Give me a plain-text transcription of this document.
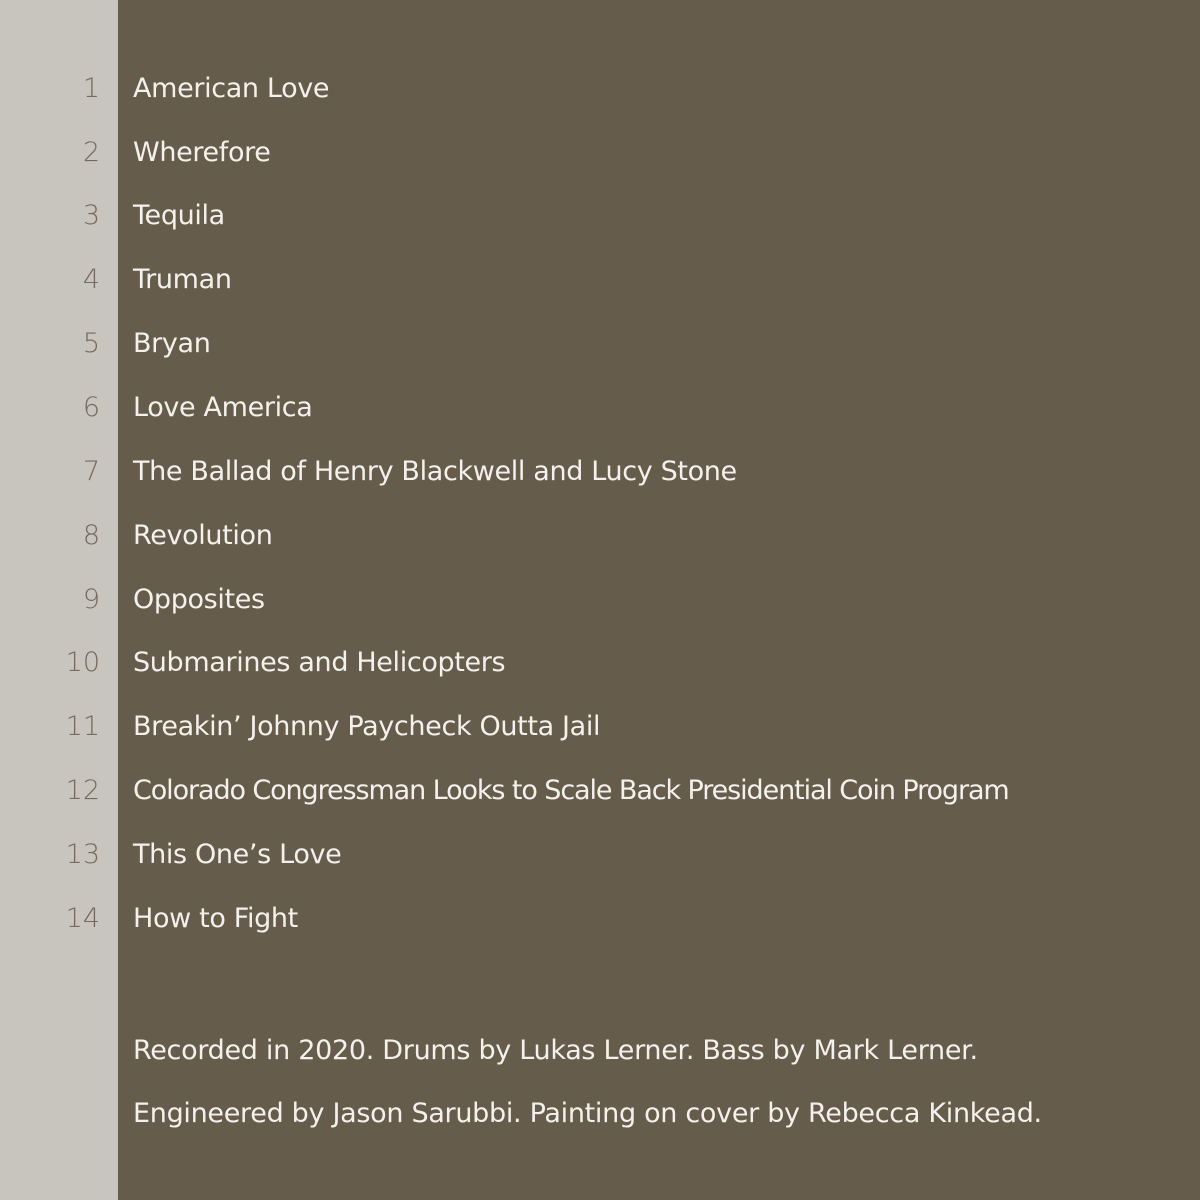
1 American Love
2 Wherefore
3 Tequila
4 Truman
5 Bryan
6 Love America
7 The Ballad of Henry Blackwell and Lucy Stone
8 Revolution
9 Opposites
10 Submarines and Helicopters
11 Breakin’ Johnny Paycheck Outta Jail
12 Colorado Congressman Looks to Scale Back Presidential Coin Program
13 This One’s Love
14 How to Fight
Recorded in 2020. Drums by Lukas Lerner. Bass by Mark Lerner.
Engineered by Jason Sarubbi. Painting on cover by Rebecca Kinkead.
